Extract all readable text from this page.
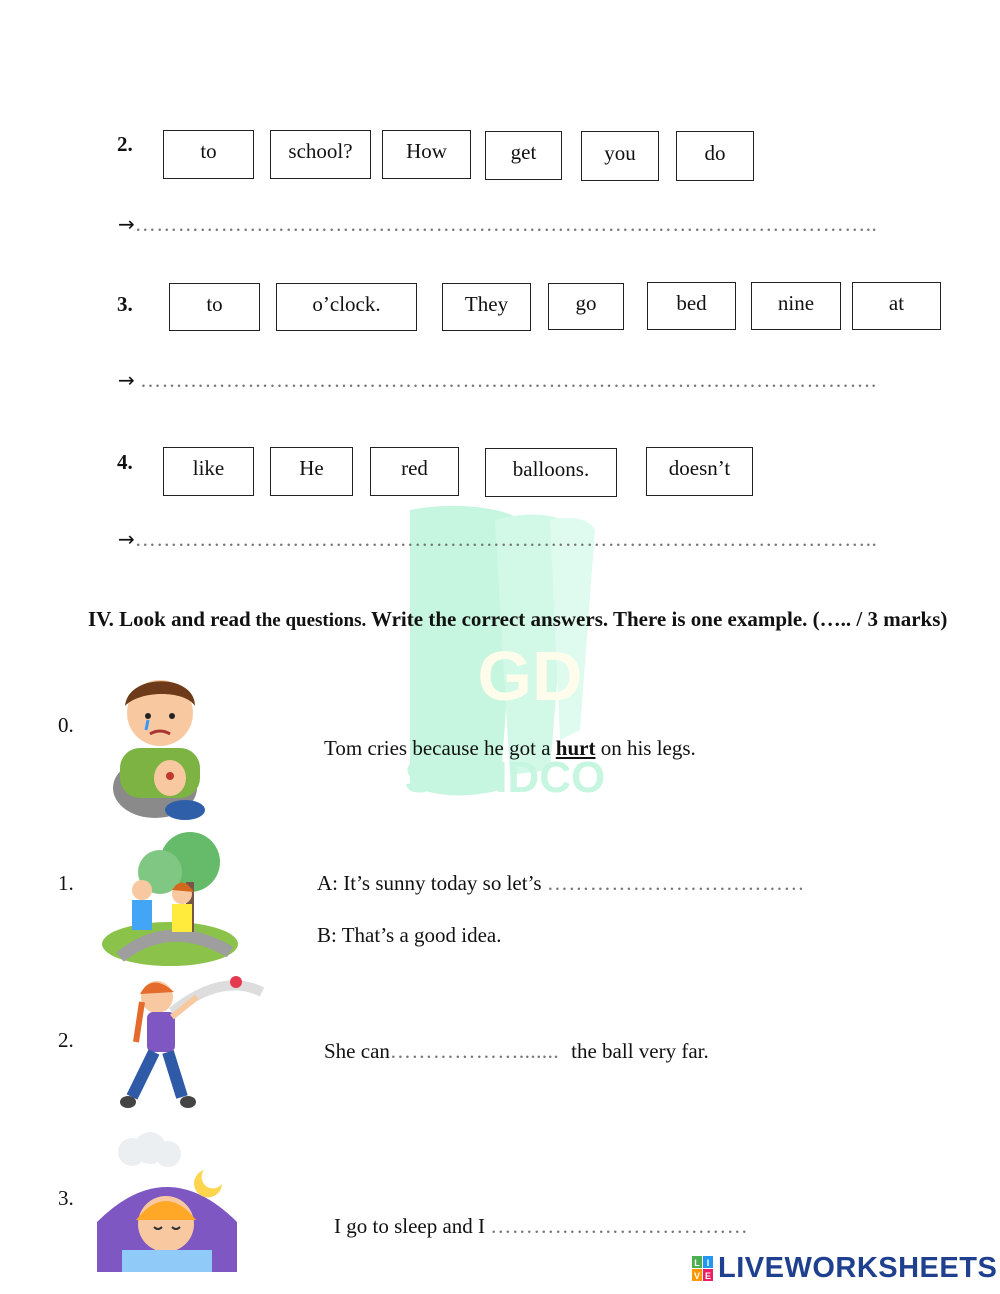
GD
SEDIDCO
2.	to	school?	How	get	you	do
→…………………………………………………………………………………………..
3.	to	o’clock.	They	go	bed	nine	at
→ ………………………………………………………………………………………….
4.	like	He	red	balloons.	doesn’t
→…………………………………………………………………………………………..
IV. Look and read the questions. Write the correct answers. There is one example. (….. / 3 marks)
0.
Tom cries because he got a hurt on his legs.
1.	A: It’s sunny today so let’s ………………………………
B: That’s a good idea.
2.	She can……………….......	the ball very far.
3.
I go to sleep and I ………………………………
L I
V E LIVEWORKSHEETS
